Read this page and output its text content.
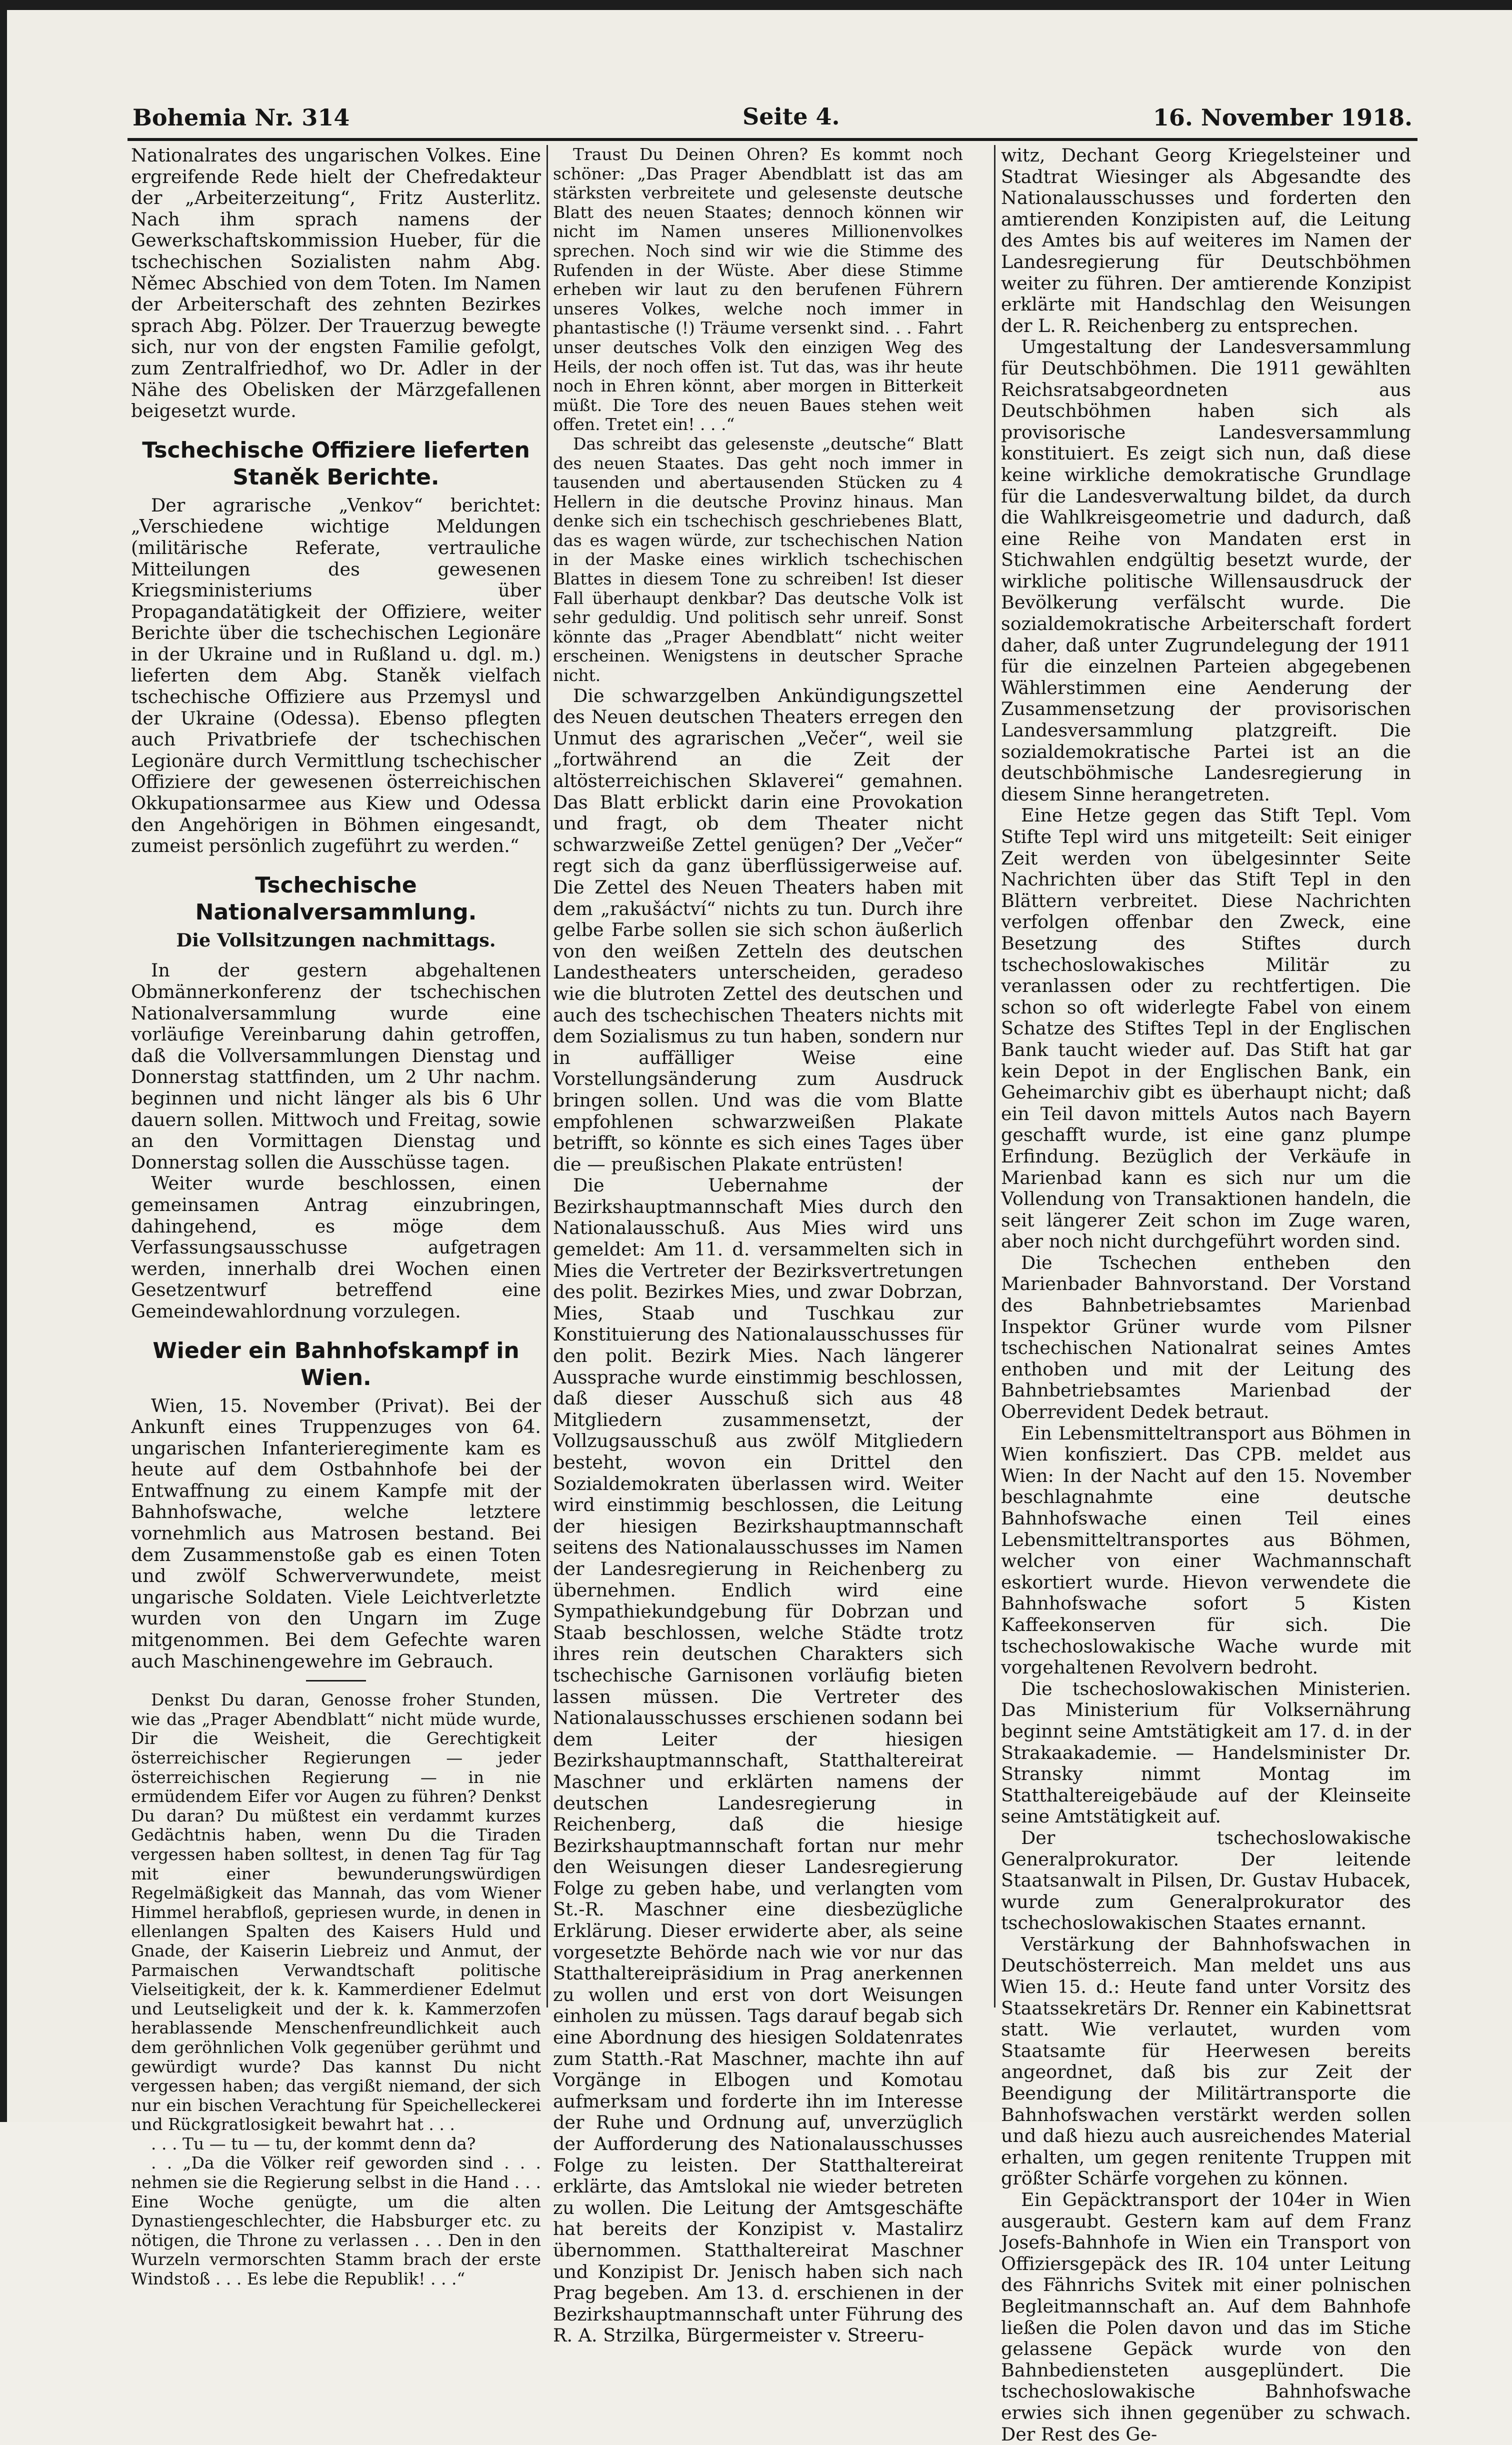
Bohemia Nr. 314	Seite 4.	16. November 1918.

Nationalrates des ungarischen Volkes. Eine ergreifende Rede hielt der Chefredakteur der „Arbeiterzeitung“, Fritz Austerlitz. Nach ihm sprach namens der Gewerkschaftskommission Hueber, für die tschechischen Sozialisten nahm Abg. Němec Abschied von dem Toten. Im Namen der Arbeiterschaft des zehnten Bezirkes sprach Abg. Pölzer. Der Trauerzug bewegte sich, nur von der engsten Familie gefolgt, zum Zentralfriedhof, wo Dr. Adler in der Nähe des Obelisken der Märzgefallenen beigesetzt wurde.

Tschechische Offiziere lieferten Staněk Berichte.

Der agrarische „Venkov“ berichtet: „Verschiedene wichtige Meldungen (militärische Referate, vertrauliche Mitteilungen des gewesenen Kriegsministeriums über Propagandatätigkeit der Offiziere, weiter Berichte über die tschechischen Legionäre in der Ukraine und in Rußland u. dgl. m.) lieferten dem Abg. Staněk vielfach tschechische Offiziere aus Przemysl und der Ukraine (Odessa). Ebenso pflegten auch Privatbriefe der tschechischen Legionäre durch Vermittlung tschechischer Offiziere der gewesenen österreichischen Okkupationsarmee aus Kiew und Odessa den Angehörigen in Böhmen eingesandt, zumeist persönlich zugeführt zu werden.“

Tschechische Nationalversammlung.
Die Vollsitzungen nachmittags.

In der gestern abgehaltenen Obmännerkonferenz der tschechischen Nationalversammlung wurde eine vorläufige Vereinbarung dahin getroffen, daß die Vollversammlungen Dienstag und Donnerstag stattfinden, um 2 Uhr nachm. beginnen und nicht länger als bis 6 Uhr dauern sollen. Mittwoch und Freitag, sowie an den Vormittagen Dienstag und Donnerstag sollen die Ausschüsse tagen.

Weiter wurde beschlossen, einen gemeinsamen Antrag einzubringen, dahingehend, es möge dem Verfassungsausschusse aufgetragen werden, innerhalb drei Wochen einen Gesetzentwurf betreffend eine Gemeindewahlordnung vorzulegen.

Wieder ein Bahnhofskampf in Wien.

Wien, 15. November (Privat). Bei der Ankunft eines Truppenzuges von 64. ungarischen Infanterieregimente kam es heute auf dem Ostbahnhofe bei der Entwaffnung zu einem Kampfe mit der Bahnhofswache, welche letztere vornehmlich aus Matrosen bestand. Bei dem Zusammenstoße gab es einen Toten und zwölf Schwerverwundete, meist ungarische Soldaten. Viele Leichtverletzte wurden von den Ungarn im Zuge mitgenommen. Bei dem Gefechte waren auch Maschinengewehre im Gebrauch.

Denkst Du daran, Genosse froher Stunden, wie das „Prager Abendblatt“ nicht müde wurde, Dir die Weisheit, die Gerechtigkeit österreichischer Regierungen — jeder österreichischen Regierung — in nie ermüdendem Eifer vor Augen zu führen? Denkst Du daran? Du müßtest ein verdammt kurzes Gedächtnis haben, wenn Du die Tiraden vergessen haben solltest, in denen Tag für Tag mit einer bewunderungswürdigen Regelmäßigkeit das Mannah, das vom Wiener Himmel herabfloß, gepriesen wurde, in denen in ellenlangen Spalten des Kaisers Huld und Gnade, der Kaiserin Liebreiz und Anmut, der Parmaischen Verwandtschaft politische Vielseitigkeit, der k. k. Kammerdiener Edelmut und Leutseligkeit und der k. k. Kammerzofen herablassende Menschenfreundlichkeit auch dem geröhnlichen Volk gegenüber gerühmt und gewürdigt wurde? Das kannst Du nicht vergessen haben; das vergißt niemand, der sich nur ein bischen Verachtung für Speichelleckerei und Rückgratlosigkeit bewahrt hat . . .

. . . Tu — tu — tu, der kommt denn da?

. . „Da die Völker reif geworden sind . . . nehmen sie die Regierung selbst in die Hand . . . Eine Woche genügte, um die alten Dynastiengeschlechter, die Habsburger etc. zu nötigen, die Throne zu verlassen . . . Den in den Wurzeln vermorschten Stamm brach der erste Windstoß . . . Es lebe die Republik! . . .“

Traust Du Deinen Ohren? Es kommt noch schöner: „Das Prager Abendblatt ist das am stärksten verbreitete und gelesenste deutsche Blatt des neuen Staates; dennoch können wir nicht im Namen unseres Millionenvolkes sprechen. Noch sind wir wie die Stimme des Rufenden in der Wüste. Aber diese Stimme erheben wir laut zu den berufenen Führern unseres Volkes, welche noch immer in phantastische (!) Träume versenkt sind. . . Fahrt unser deutsches Volk den einzigen Weg des Heils, der noch offen ist. Tut das, was ihr heute noch in Ehren könnt, aber morgen in Bitterkeit müßt. Die Tore des neuen Baues stehen weit offen. Tretet ein! . . .“

Das schreibt das gelesenste „deutsche“ Blatt des neuen Staates. Das geht noch immer in tausenden und abertausenden Stücken zu 4 Hellern in die deutsche Provinz hinaus. Man denke sich ein tschechisch geschriebenes Blatt, das es wagen würde, zur tschechischen Nation in der Maske eines wirklich tschechischen Blattes in diesem Tone zu schreiben! Ist dieser Fall überhaupt denkbar? Das deutsche Volk ist sehr geduldig. Und politisch sehr unreif. Sonst könnte das „Prager Abendblatt“ nicht weiter erscheinen. Wenigstens in deutscher Sprache nicht.

Die schwarzgelben Ankündigungszettel des Neuen deutschen Theaters erregen den Unmut des agrarischen „Večer“, weil sie „fortwährend an die Zeit der altösterreichischen Sklaverei“ gemahnen. Das Blatt erblickt darin eine Provokation und fragt, ob dem Theater nicht schwarzweiße Zettel genügen? Der „Večer“ regt sich da ganz überflüssigerweise auf. Die Zettel des Neuen Theaters haben mit dem „rakušáctví“ nichts zu tun. Durch ihre gelbe Farbe sollen sie sich schon äußerlich von den weißen Zetteln des deutschen Landestheaters unterscheiden, geradeso wie die blutroten Zettel des deutschen und auch des tschechischen Theaters nichts mit dem Sozialismus zu tun haben, sondern nur in auffälliger Weise eine Vorstellungsänderung zum Ausdruck bringen sollen. Und was die vom Blatte empfohlenen schwarzweißen Plakate betrifft, so könnte es sich eines Tages über die — preußischen Plakate entrüsten!

Die Uebernahme der Bezirkshauptmannschaft Mies durch den Nationalausschuß. Aus Mies wird uns gemeldet: Am 11. d. versammelten sich in Mies die Vertreter der Bezirksvertretungen des polit. Bezirkes Mies, und zwar Dobrzan, Mies, Staab und Tuschkau zur Konstituierung des Nationalausschusses für den polit. Bezirk Mies. Nach längerer Aussprache wurde einstimmig beschlossen, daß dieser Ausschuß sich aus 48 Mitgliedern zusammensetzt, der Vollzugsausschuß aus zwölf Mitgliedern besteht, wovon ein Drittel den Sozialdemokraten überlassen wird. Weiter wird einstimmig beschlossen, die Leitung der hiesigen Bezirkshauptmannschaft seitens des Nationalausschusses im Namen der Landesregierung in Reichenberg zu übernehmen. Endlich wird eine Sympathiekundgebung für Dobrzan und Staab beschlossen, welche Städte trotz ihres rein deutschen Charakters sich tschechische Garnisonen vorläufig bieten lassen müssen. Die Vertreter des Nationalausschusses erschienen sodann bei dem Leiter der hiesigen Bezirkshauptmannschaft, Statthaltereirat Maschner und erklärten namens der deutschen Landesregierung in Reichenberg, daß die hiesige Bezirkshauptmannschaft fortan nur mehr den Weisungen dieser Landesregierung Folge zu geben habe, und verlangten vom St.-R. Maschner eine diesbezügliche Erklärung. Dieser erwiderte aber, als seine vorgesetzte Behörde nach wie vor nur das Statthaltereipräsidium in Prag anerkennen zu wollen und erst von dort Weisungen einholen zu müssen. Tags darauf begab sich eine Abordnung des hiesigen Soldatenrates zum Statth.-Rat Maschner, machte ihn auf Vorgänge in Elbogen und Komotau aufmerksam und forderte ihn im Interesse der Ruhe und Ordnung auf, unverzüglich der Aufforderung des Nationalausschusses Folge zu leisten. Der Statthaltereirat erklärte, das Amtslokal nie wieder betreten zu wollen. Die Leitung der Amtsgeschäfte hat bereits der Konzipist v. Mastalirz übernommen. Statthaltereirat Maschner und Konzipist Dr. Jenisch haben sich nach Prag begeben. Am 13. d. erschienen in der Bezirkshauptmannschaft unter Führung des R. A. Strzilka, Bürgermeister v. Streeru-

witz, Dechant Georg Kriegelsteiner und Stadtrat Wiesinger als Abgesandte des Nationalausschusses und forderten den amtierenden Konzipisten auf, die Leitung des Amtes bis auf weiteres im Namen der Landesregierung für Deutschböhmen weiter zu führen. Der amtierende Konzipist erklärte mit Handschlag den Weisungen der L. R. Reichenberg zu entsprechen.

Umgestaltung der Landesversammlung für Deutschböhmen. Die 1911 gewählten Reichsratsabgeordneten aus Deutschböhmen haben sich als provisorische Landesversammlung konstituiert. Es zeigt sich nun, daß diese keine wirkliche demokratische Grundlage für die Landesverwaltung bildet, da durch die Wahlkreisgeometrie und dadurch, daß eine Reihe von Mandaten erst in Stichwahlen endgültig besetzt wurde, der wirkliche politische Willensausdruck der Bevölkerung verfälscht wurde. Die sozialdemokratische Arbeiterschaft fordert daher, daß unter Zugrundelegung der 1911 für die einzelnen Parteien abgegebenen Wählerstimmen eine Aenderung der Zusammensetzung der provisorischen Landesversammlung platzgreift. Die sozialdemokratische Partei ist an die deutschböhmische Landesregierung in diesem Sinne herangetreten.

Eine Hetze gegen das Stift Tepl. Vom Stifte Tepl wird uns mitgeteilt: Seit einiger Zeit werden von übelgesinnter Seite Nachrichten über das Stift Tepl in den Blättern verbreitet. Diese Nachrichten verfolgen offenbar den Zweck, eine Besetzung des Stiftes durch tschechoslowakisches Militär zu veranlassen oder zu rechtfertigen. Die schon so oft widerlegte Fabel von einem Schatze des Stiftes Tepl in der Englischen Bank taucht wieder auf. Das Stift hat gar kein Depot in der Englischen Bank, ein Geheimarchiv gibt es überhaupt nicht; daß ein Teil davon mittels Autos nach Bayern geschafft wurde, ist eine ganz plumpe Erfindung. Bezüglich der Verkäufe in Marienbad kann es sich nur um die Vollendung von Transaktionen handeln, die seit längerer Zeit schon im Zuge waren, aber noch nicht durchgeführt worden sind.

Die Tschechen entheben den Marienbader Bahnvorstand. Der Vorstand des Bahnbetriebsamtes Marienbad Inspektor Grüner wurde vom Pilsner tschechischen Nationalrat seines Amtes enthoben und mit der Leitung des Bahnbetriebsamtes Marienbad der Oberrevident Dedek betraut.

Ein Lebensmitteltransport aus Böhmen in Wien konfisziert. Das CPB. meldet aus Wien: In der Nacht auf den 15. November beschlagnahmte eine deutsche Bahnhofswache einen Teil eines Lebensmitteltransportes aus Böhmen, welcher von einer Wachmannschaft eskortiert wurde. Hievon verwendete die Bahnhofswache sofort 5 Kisten Kaffeekonserven für sich. Die tschechoslowakische Wache wurde mit vorgehaltenen Revolvern bedroht.

Die tschechoslowakischen Ministerien. Das Ministerium für Volksernährung beginnt seine Amtstätigkeit am 17. d. in der Strakaakademie. — Handelsminister Dr. Stransky nimmt Montag im Statthaltereigebäude auf der Kleinseite seine Amtstätigkeit auf.

Der tschechoslowakische Generalprokurator. Der leitende Staatsanwalt in Pilsen, Dr. Gustav Hubacek, wurde zum Generalprokurator des tschechoslowakischen Staates ernannt.

Verstärkung der Bahnhofswachen in Deutschösterreich. Man meldet uns aus Wien 15. d.: Heute fand unter Vorsitz des Staatssekretärs Dr. Renner ein Kabinettsrat statt. Wie verlautet, wurden vom Staatsamte für Heerwesen bereits angeordnet, daß bis zur Zeit der Beendigung der Militärtransporte die Bahnhofswachen verstärkt werden sollen und daß hiezu auch ausreichendes Material erhalten, um gegen renitente Truppen mit größter Schärfe vorgehen zu können.

Ein Gepäcktransport der 104er in Wien ausgeraubt. Gestern kam auf dem Franz Josefs-Bahnhofe in Wien ein Transport von Offiziersgepäck des IR. 104 unter Leitung des Fähnrichs Svitek mit einer polnischen Begleitmannschaft an. Auf dem Bahnhofe ließen die Polen davon und das im Stiche gelassene Gepäck wurde von den Bahnbediensteten ausgeplündert. Die tschechoslowakische Bahnhofswache erwies sich ihnen gegenüber zu schwach. Der Rest des Ge-
